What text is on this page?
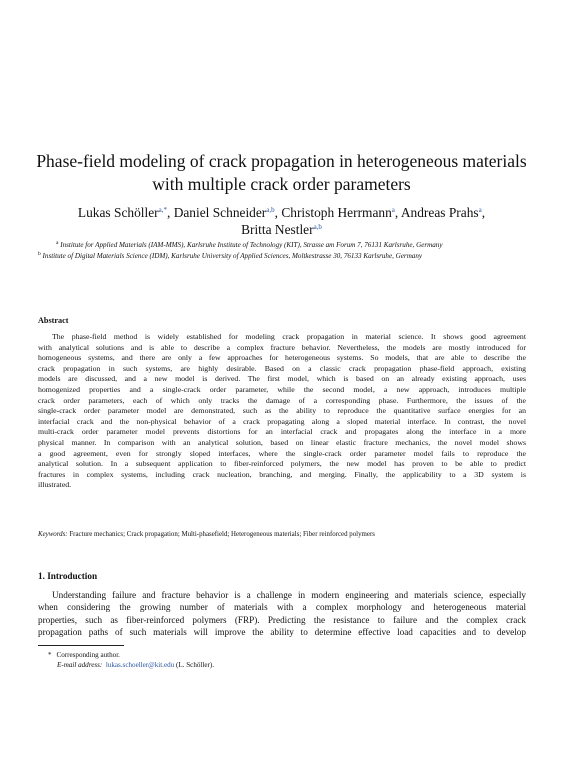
Phase-field modeling of crack propagation in heterogeneous materials
with multiple crack order parameters
Lukas Schöller$^{a,*}$, Daniel Schneider$^{a,b}$, Christoph Herrmann$^a$, Andreas Prahs$^a$,
Britta Nestler$^{a,b}$
$^a$ Institute for Applied Materials (IAM-MMS), Karlsruhe Institute of Technology (KIT), Strasse am Forum 7, 76131 Karlsruhe, Germany
$^b$ Institute of Digital Materials Science (IDM), Karlsruhe University of Applied Sciences, Moltkestrasse 30, 76133 Karlsruhe, Germany
Abstract
The phase-field method is widely established for modeling crack propagation in material science. It shows good agreement
with analytical solutions and is able to describe a complex fracture behavior. Nevertheless, the models are mostly introduced for
homogeneous systems, and there are only a few approaches for heterogeneous systems. So models, that are able to describe the
crack propagation in such systems, are highly desirable. Based on a classic crack propagation phase-field approach, existing
models are discussed, and a new model is derived. The first model, which is based on an already existing approach, uses
homogenized properties and a single-crack order parameter, while the second model, a new approach, introduces multiple
crack order parameters, each of which only tracks the damage of a corresponding phase. Furthermore, the issues of the
single-crack order parameter model are demonstrated, such as the ability to reproduce the quantitative surface energies for an
interfacial crack and the non-physical behavior of a crack propagating along a sloped material interface. In contrast, the novel
multi-crack order parameter model prevents distortions for an interfacial crack and propagates along the interface in a more
physical manner. In comparison with an analytical solution, based on linear elastic fracture mechanics, the novel model shows
a good agreement, even for strongly sloped interfaces, where the single-crack order parameter model fails to reproduce the
analytical solution. In a subsequent application to fiber-reinforced polymers, the new model has proven to be able to predict
fractures in complex systems, including crack nucleation, branching, and merging. Finally, the applicability to a 3D system is
illustrated.
Keywords: Fracture mechanics; Crack propagation; Multi-phasefield; Heterogeneous materials; Fiber reinforced polymers
1. Introduction
Understanding failure and fracture behavior is a challenge in modern engineering and materials science, especially
when considering the growing number of materials with a complex morphology and heterogeneous material
properties, such as fiber-reinforced polymers (FRP). Predicting the resistance to failure and the complex crack
propagation paths of such materials will improve the ability to determine effective load capacities and to develop
* Corresponding author.
E-mail address: lukas.schoeller@kit.edu (L. Schöller).
